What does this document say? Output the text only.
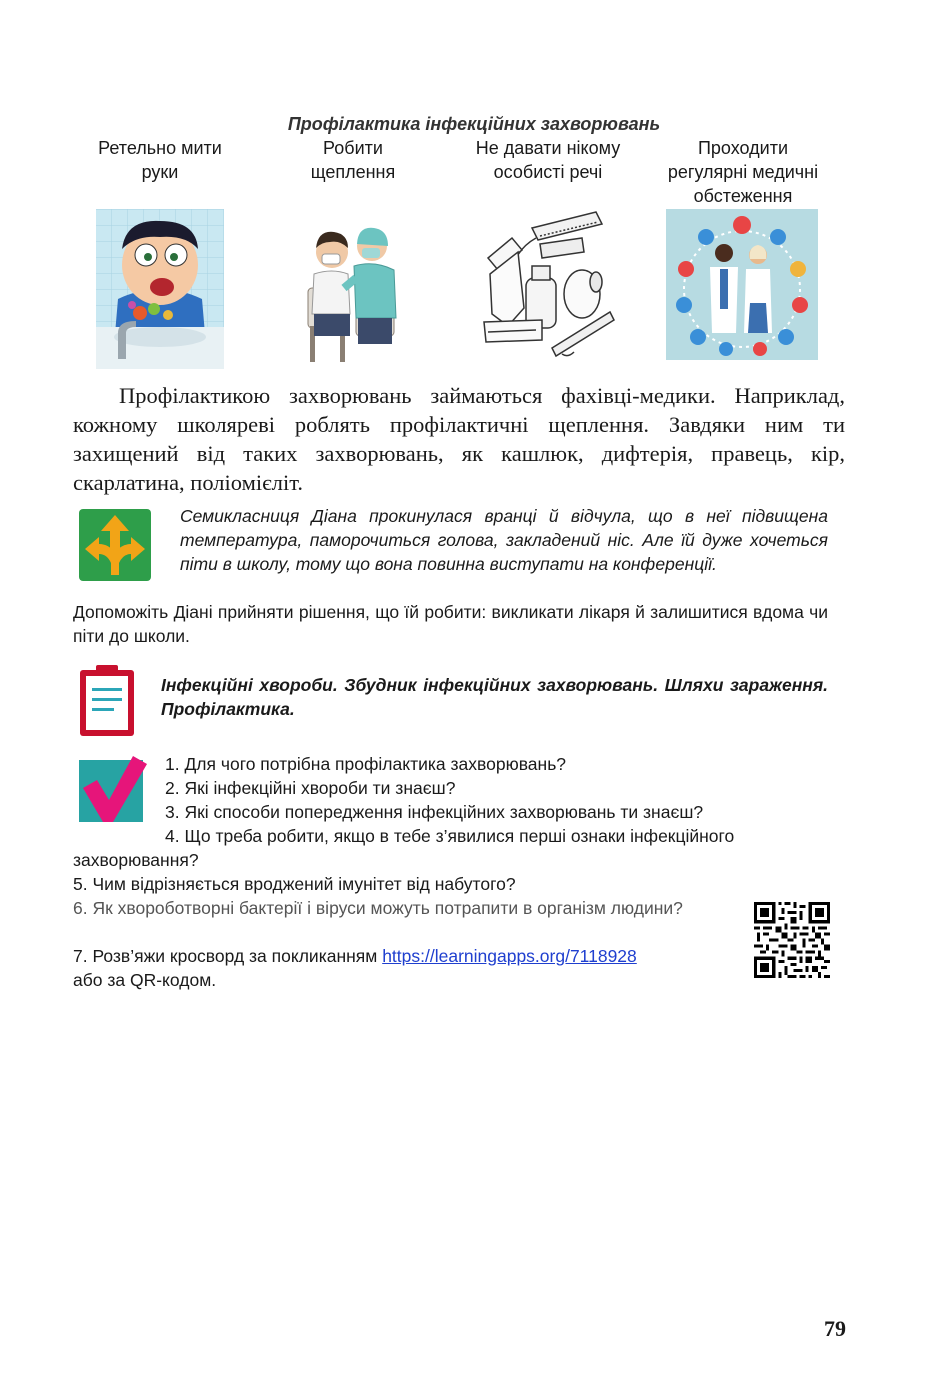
Профілактика інфекційних захворювань
Ретельно мити
руки
Робити
щеплення
Не давати нікому
особисті речі
Проходити
регулярні медичні
обстеження
Профілактикою захворювань займаються фахівці-медики. Наприклад, кожному школяреві роблять профілактичні щеплення. Завдяки ним ти захищений від таких захворювань, як кашлюк, дифтерія, правець, кір, скарлатина, поліомієліт.
Семикласниця Діана прокинулася вранці й відчула, що в неї підвищена температура, паморочиться голова, закладений ніс. Але їй дуже хочеться піти в школу, тому що вона повинна виступати на конференції.
Допоможіть Діані прийняти рішення, що їй робити: викликати лікаря й залишитися вдома чи піти до школи.
Інфекційні хвороби. Збудник інфекційних захворювань. Шляхи зараження. Профілактика.
1. Для чого потрібна профілактика захворювань?
2. Які інфекційні хвороби ти знаєш?
3. Які способи попередження інфекційних захворювань ти знаєш?
4. Що треба робити, якщо в тебе з’явилися перші ознаки інфекційного
захворювання?
5. Чим відрізняється вроджений імунітет від набутого?
6. Як хвороботворні бактерії і віруси можуть потрапити в організм людини?
7. Розв’яжи кросворд за покликанням https://learningapps.org/7118928
або за QR-кодом.
79
